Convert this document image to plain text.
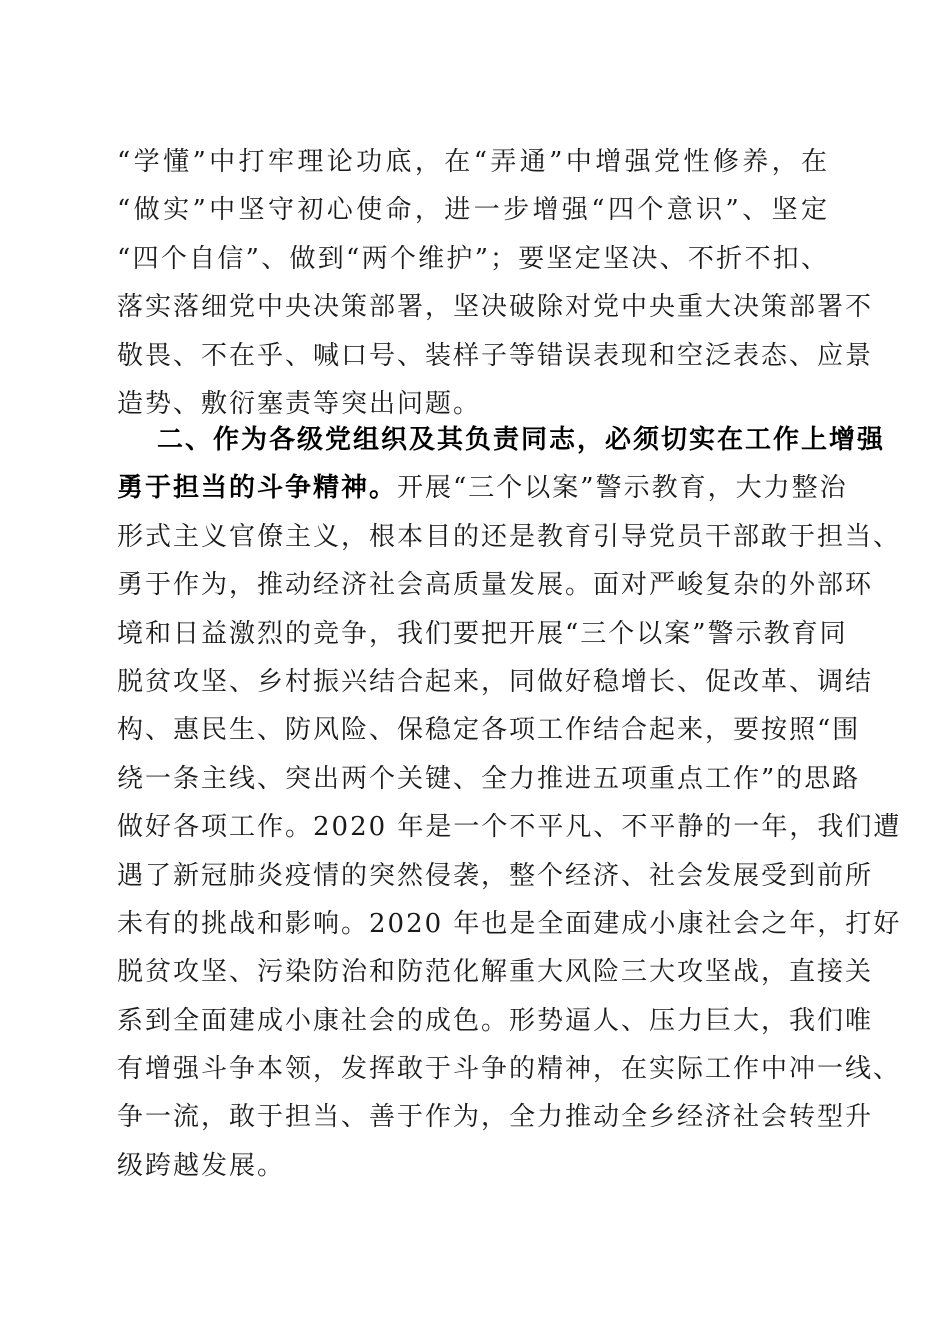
“学懂”中打牢理论功底，在“弄通”中增强党性修养，在
“做实”中坚守初心使命，进一步增强“四个意识”、坚定
“四个自信”、做到“两个维护”；要坚定坚决、不折不扣、
落实落细党中央决策部署，坚决破除对党中央重大决策部署不
敬畏、不在乎、喊口号、装样子等错误表现和空泛表态、应景
造势、敷衍塞责等突出问题。
二、作为各级党组织及其负责同志，必须切实在工作上增强
勇于担当的斗争精神。开展“三个以案”警示教育，大力整治
形式主义官僚主义，根本目的还是教育引导党员干部敢于担当、
勇于作为，推动经济社会高质量发展。面对严峻复杂的外部环
境和日益激烈的竞争，我们要把开展“三个以案”警示教育同
脱贫攻坚、乡村振兴结合起来，同做好稳增长、促改革、调结
构、惠民生、防风险、保稳定各项工作结合起来，要按照“围
绕一条主线、突出两个关键、全力推进五项重点工作”的思路
做好各项工作。2020 年是一个不平凡、不平静的一年，我们遭
遇了新冠肺炎疫情的突然侵袭，整个经济、社会发展受到前所
未有的挑战和影响。2020 年也是全面建成小康社会之年，打好
脱贫攻坚、污染防治和防范化解重大风险三大攻坚战，直接关
系到全面建成小康社会的成色。形势逼人、压力巨大，我们唯
有增强斗争本领，发挥敢于斗争的精神，在实际工作中冲一线、
争一流，敢于担当、善于作为，全力推动全乡经济社会转型升
级跨越发展。
